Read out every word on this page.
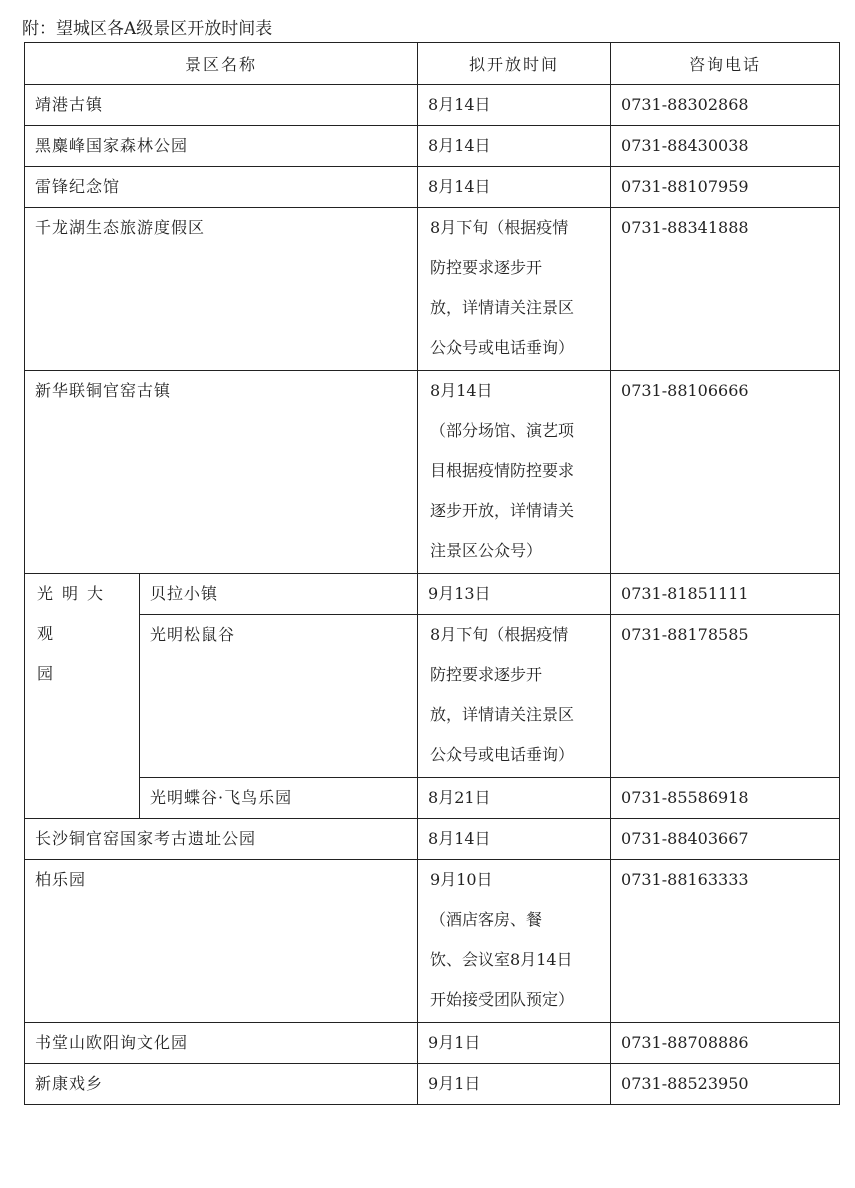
附：望城区各A级景区开放时间表
景区名称		拟开放时间	咨询电话

靖港古镇		8月14日	0731-88302868

黑麋峰国家森林公园		8月14日	0731-88430038

雷锋纪念馆		8月14日	0731-88107959

千龙湖生态旅游度假区		8月下旬（根据疫情
防控要求逐步开
放，详情请关注景区
公众号或电话垂询）	0731-88341888

新华联铜官窑古镇		8月14日
（部分场馆、演艺项
目根据疫情防控要求
逐步开放，详情请关
注景区公众号）	0731-88106666

光明大观
园	贝拉小镇	9月13日	0731-81851111

	光明松鼠谷	8月下旬（根据疫情
防控要求逐步开
放，详情请关注景区
公众号或电话垂询）	0731-88178585

	光明蝶谷·飞鸟乐园	8月21日	0731-85586918

长沙铜官窑国家考古遗址公园		8月14日	0731-88403667

柏乐园		9月10日
（酒店客房、餐
饮、会议室8月14日
开始接受团队预定）	0731-88163333

书堂山欧阳询文化园		9月1日	0731-88708886

新康戏乡		9月1日	0731-88523950
